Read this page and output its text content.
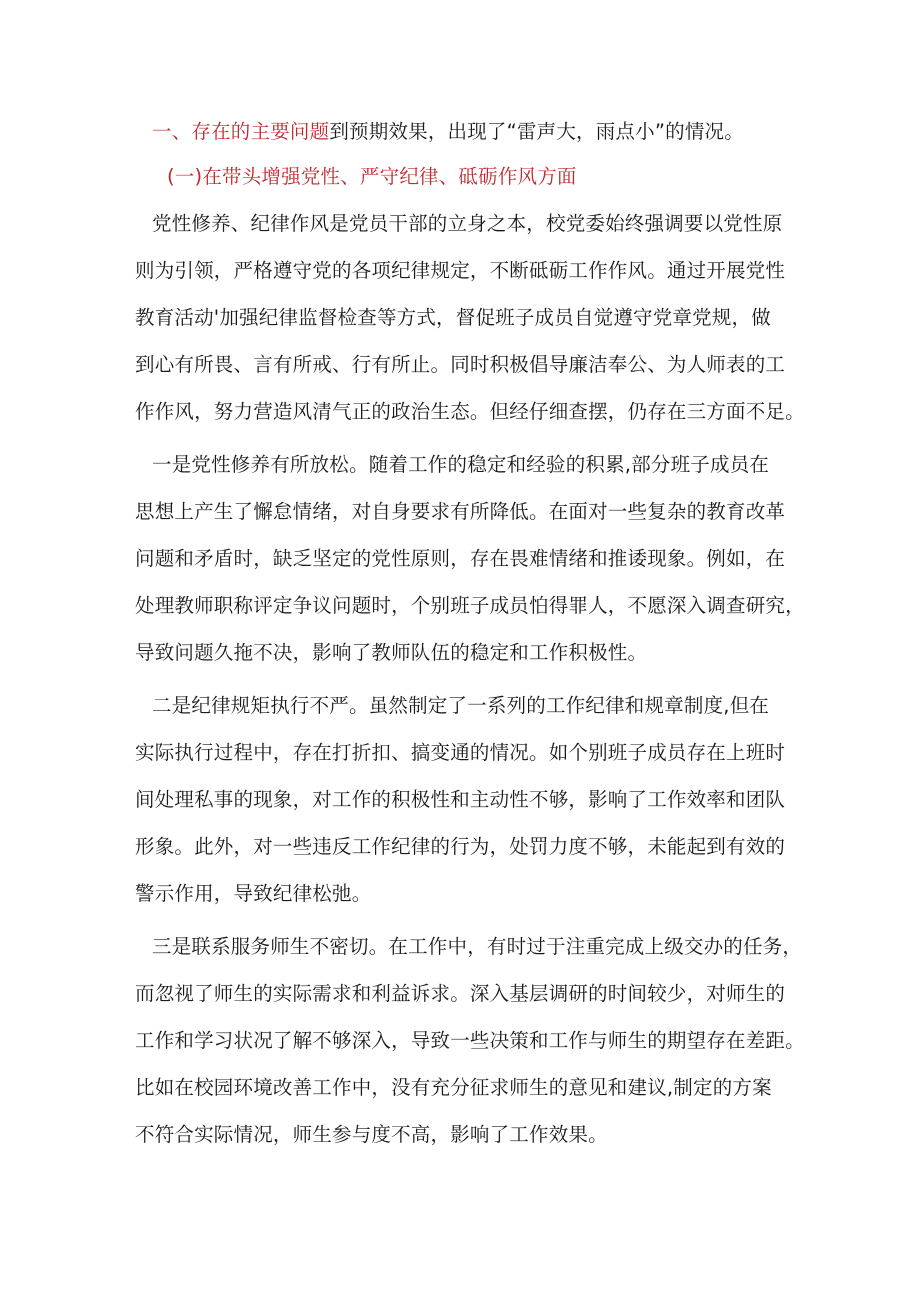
一、存在的主要问题到预期效果，出现了“雷声大，雨点小”的情况。
(一)在带头增强党性、严守纪律、砥砺作风方面
党性修养、纪律作风是党员干部的立身之本，校党委始终强调要以党性原
则为引领，严格遵守党的各项纪律规定，不断砥砺工作作风。通过开展党性
教育活动'加强纪律监督检查等方式，督促班子成员自觉遵守党章党规，做
到心有所畏、言有所戒、行有所止。同时积极倡导廉洁奉公、为人师表的工
作作风，努力营造风清气正的政治生态。但经仔细查摆，仍存在三方面不足。
一是党性修养有所放松。随着工作的稳定和经验的积累,部分班子成员在
思想上产生了懈怠情绪，对自身要求有所降低。在面对一些复杂的教育改革
问题和矛盾时，缺乏坚定的党性原则，存在畏难情绪和推诿现象。例如，在
处理教师职称评定争议问题时，个别班子成员怕得罪人，不愿深入调查研究，
导致问题久拖不决，影响了教师队伍的稳定和工作积极性。
二是纪律规矩执行不严。虽然制定了一系列的工作纪律和规章制度,但在
实际执行过程中，存在打折扣、搞变通的情况。如个别班子成员存在上班时
间处理私事的现象，对工作的积极性和主动性不够，影响了工作效率和团队
形象。此外，对一些违反工作纪律的行为，处罚力度不够，未能起到有效的
警示作用，导致纪律松弛。
三是联系服务师生不密切。在工作中，有时过于注重完成上级交办的任务，
而忽视了师生的实际需求和利益诉求。深入基层调研的时间较少，对师生的
工作和学习状况了解不够深入，导致一些决策和工作与师生的期望存在差距。
比如在校园环境改善工作中，没有充分征求师生的意见和建议,制定的方案
不符合实际情况，师生参与度不高，影响了工作效果。
